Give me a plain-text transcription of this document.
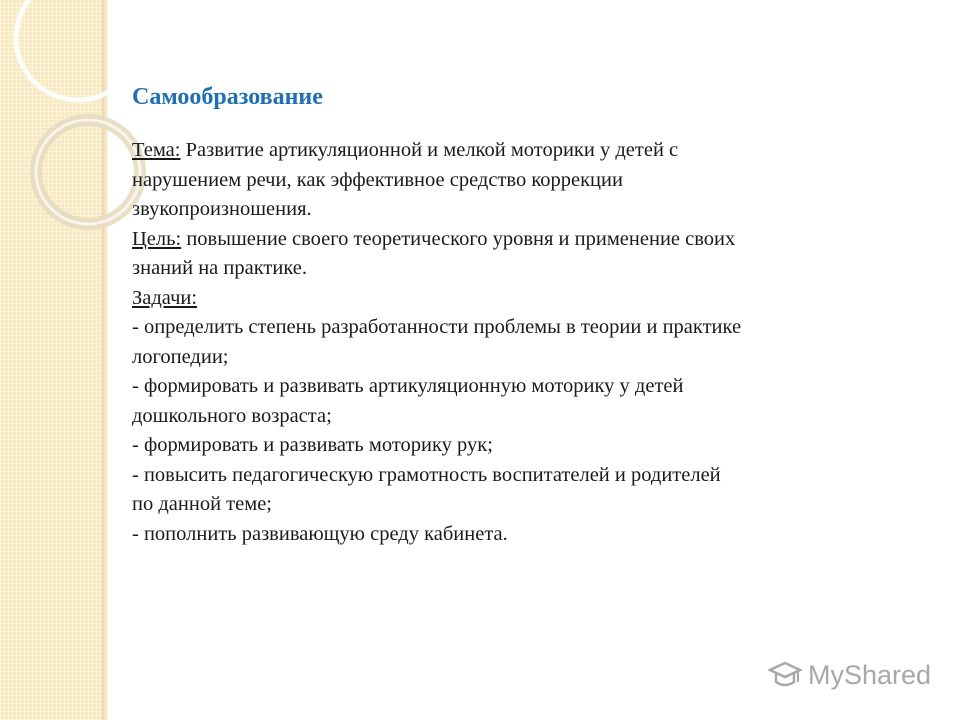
Самообразование
Тема: Развитие артикуляционной и мелкой моторики у детей с
нарушением речи, как эффективное средство коррекции
звукопроизношения.
Цель: повышение своего теоретического уровня и применение своих
знаний на практике.
Задачи:
- определить степень разработанности проблемы в теории и практике
логопедии;
- формировать и развивать артикуляционную моторику у детей
дошкольного возраста;
- формировать и развивать моторику рук;
- повысить педагогическую грамотность воспитателей и родителей
по данной теме;
- пополнить развивающую среду кабинета.
MyShared
